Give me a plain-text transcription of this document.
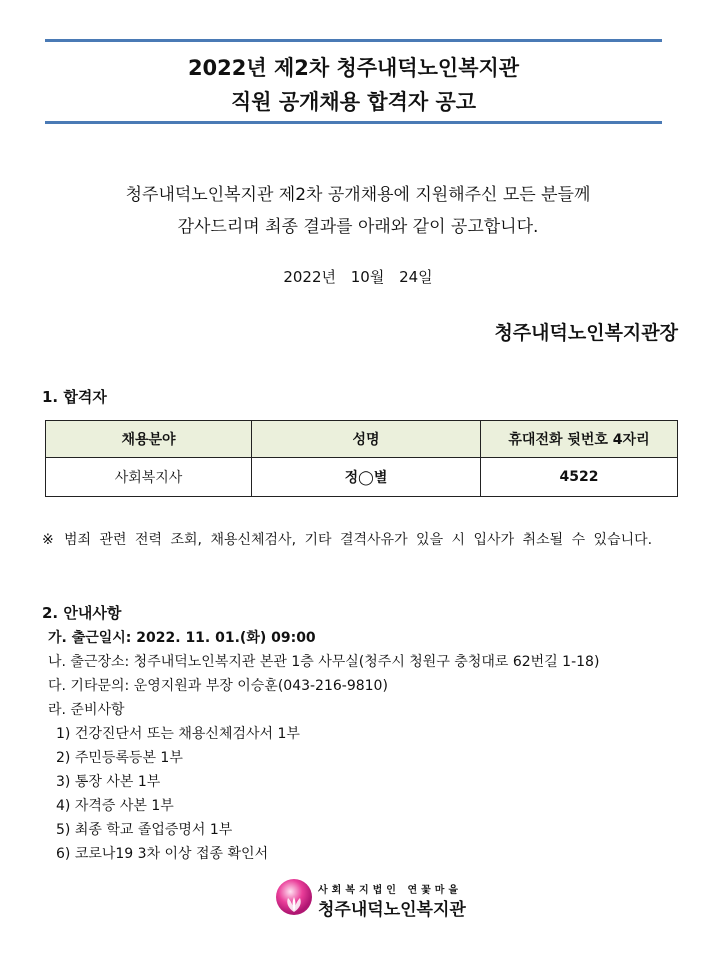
2022년 제2차 청주내덕노인복지관
직원 공개채용 합격자 공고
청주내덕노인복지관 제2차 공개채용에 지원해주신 모든 분들께
감사드리며 최종 결과를 아래와 같이 공고합니다.
2022년 10월 24일
청주내덕노인복지관장
1. 합격자
채용분야	성명	휴대전화 뒷번호 4자리
사회복지사	정◯별	4522
※ 범죄 관련 전력 조회, 채용신체검사, 기타 결격사유가 있을 시 입사가 취소될 수 있습니다.
2. 안내사항
가. 출근일시: 2022. 11. 01.(화) 09:00
나. 출근장소: 청주내덕노인복지관 본관 1층 사무실(청주시 청원구 충청대로 62번길 1-18)
다. 기타문의: 운영지원과 부장 이승훈(043-216-9810)
라. 준비사항
1) 건강진단서 또는 채용신체검사서 1부
2) 주민등록등본 1부
3) 통장 사본 1부
4) 자격증 사본 1부
5) 최종 학교 졸업증명서 1부
6) 코로나19 3차 이상 접종 확인서
사회복지법인 연꽃마을
청주내덕노인복지관
